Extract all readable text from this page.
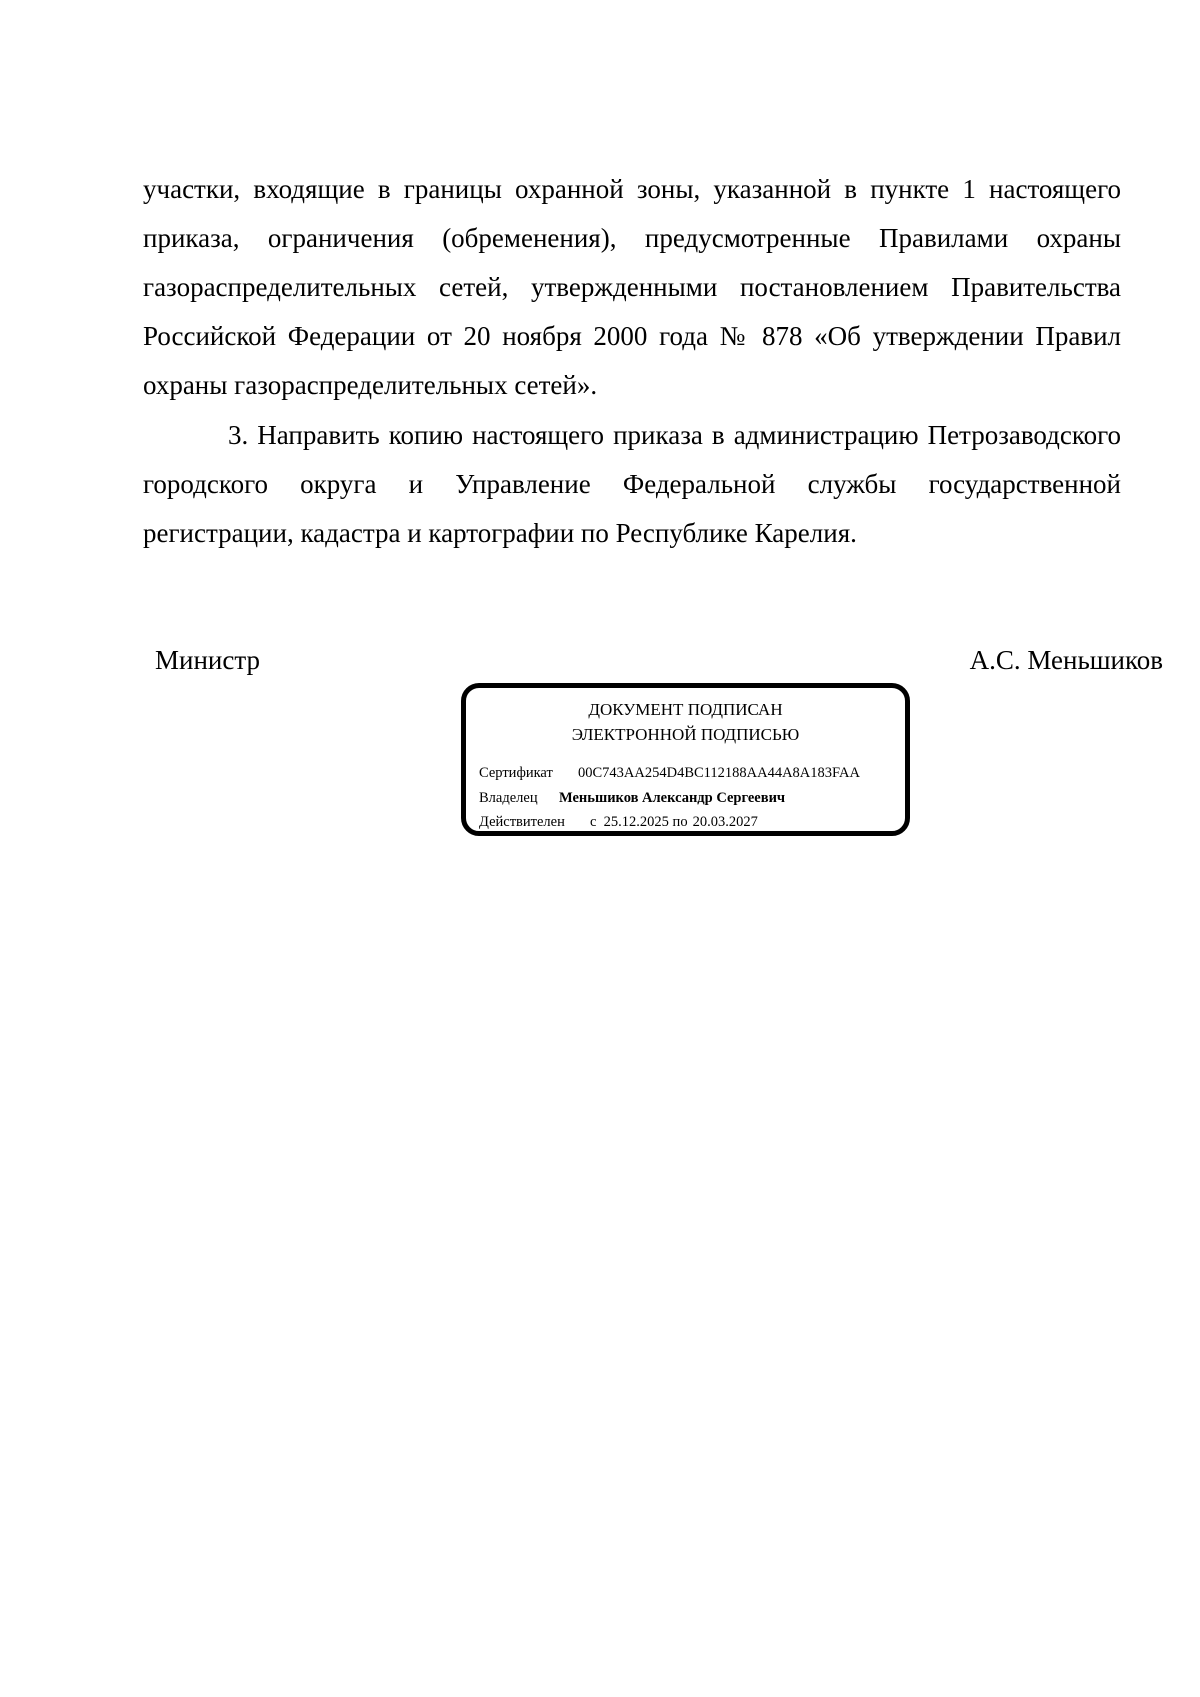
участки, входящие в границы охранной зоны, указанной в пункте 1 настоящего приказа, ограничения (обременения), предусмотренные Правилами охраны газораспределительных сетей, утвержденными постановлением Правительства Российской Федерации от 20 ноября 2000 года № 878 «Об утверждении Правил охраны газораспределительных сетей».
3. Направить копию настоящего приказа в администрацию Петрозаводского городского округа и Управление Федеральной службы государственной регистрации, кадастра и картографии по Республике Карелия.
Министр	А.С. Меньшиков
ДОКУМЕНТ ПОДПИСАН
ЭЛЕКТРОННОЙ ПОДПИСЬЮ
Сертификат 00C743AA254D4BC112188AA44A8A183FAA
Владелец Меньшиков Александр Сергеевич
Действителен с  25.12.2025 по 20.03.2027
